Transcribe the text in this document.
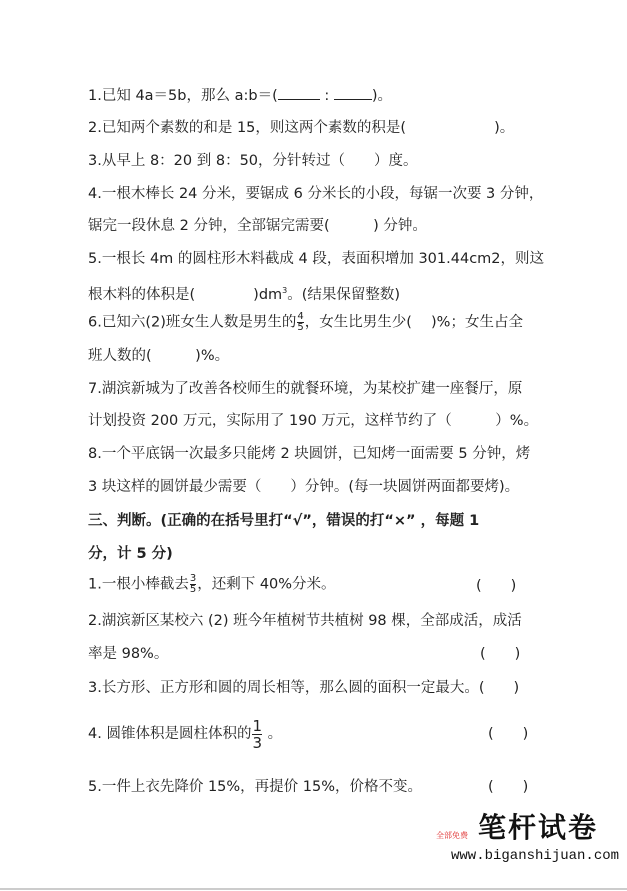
1.已知 4a＝5b，那么 a:b＝(	:	)。
2.已知两个素数的和是 15，则这两个素数的积是(	)。
3.从早上 8：20 到 8：50，分针转过（　　）度。
4.一根木棒长 24 分米，要锯成 6 分米长的小段，每锯一次要 3 分钟，
锯完一段休息 2 分钟，全部锯完需要(　　　) 分钟。
5.一根长 4m 的圆柱形木料截成 4 段，表面积增加 301.44cm2，则这
根木料的体积是(　　　　)$dm^3$。(结果保留整数)
6.已知六(2)班女生人数是男生的 $\frac{4}{5}$ ，女生比男生少(　 )%；女生占全
班人数的(　　　)%。
7.湖滨新城为了改善各校师生的就餐环境，为某校扩建一座餐厅，原
计划投资 200 万元，实际用了 190 万元，这样节约了（　　　）%。
8.一个平底锅一次最多只能烤 2 块圆饼，已知烤一面需要 5 分钟，烤
3 块这样的圆饼最少需要（　　）分钟。(每一块圆饼两面都要烤)。
三、判断。(正确的在括号里打“√”，错误的打“×” ，每题 1
分，计 5 分)
1.一根小棒截去 $\frac{3}{5}$ ，还剩下 40%分米。	(　　)
2.湖滨新区某校六 (2) 班今年植树节共植树 98 棵，全部成活，成活
率是 98%。	(　　)
3.长方形、正方形和圆的周长相等，那么圆的面积一定最大。(　　)
4. 圆锥体积是圆柱体积的 $\frac{1}{3}$ 。	(　　)
5.一件上衣先降价 15%，再提价 15%，价格不变。	(　　)
笔杆试卷
全部免费
www.biganshijuan.com
